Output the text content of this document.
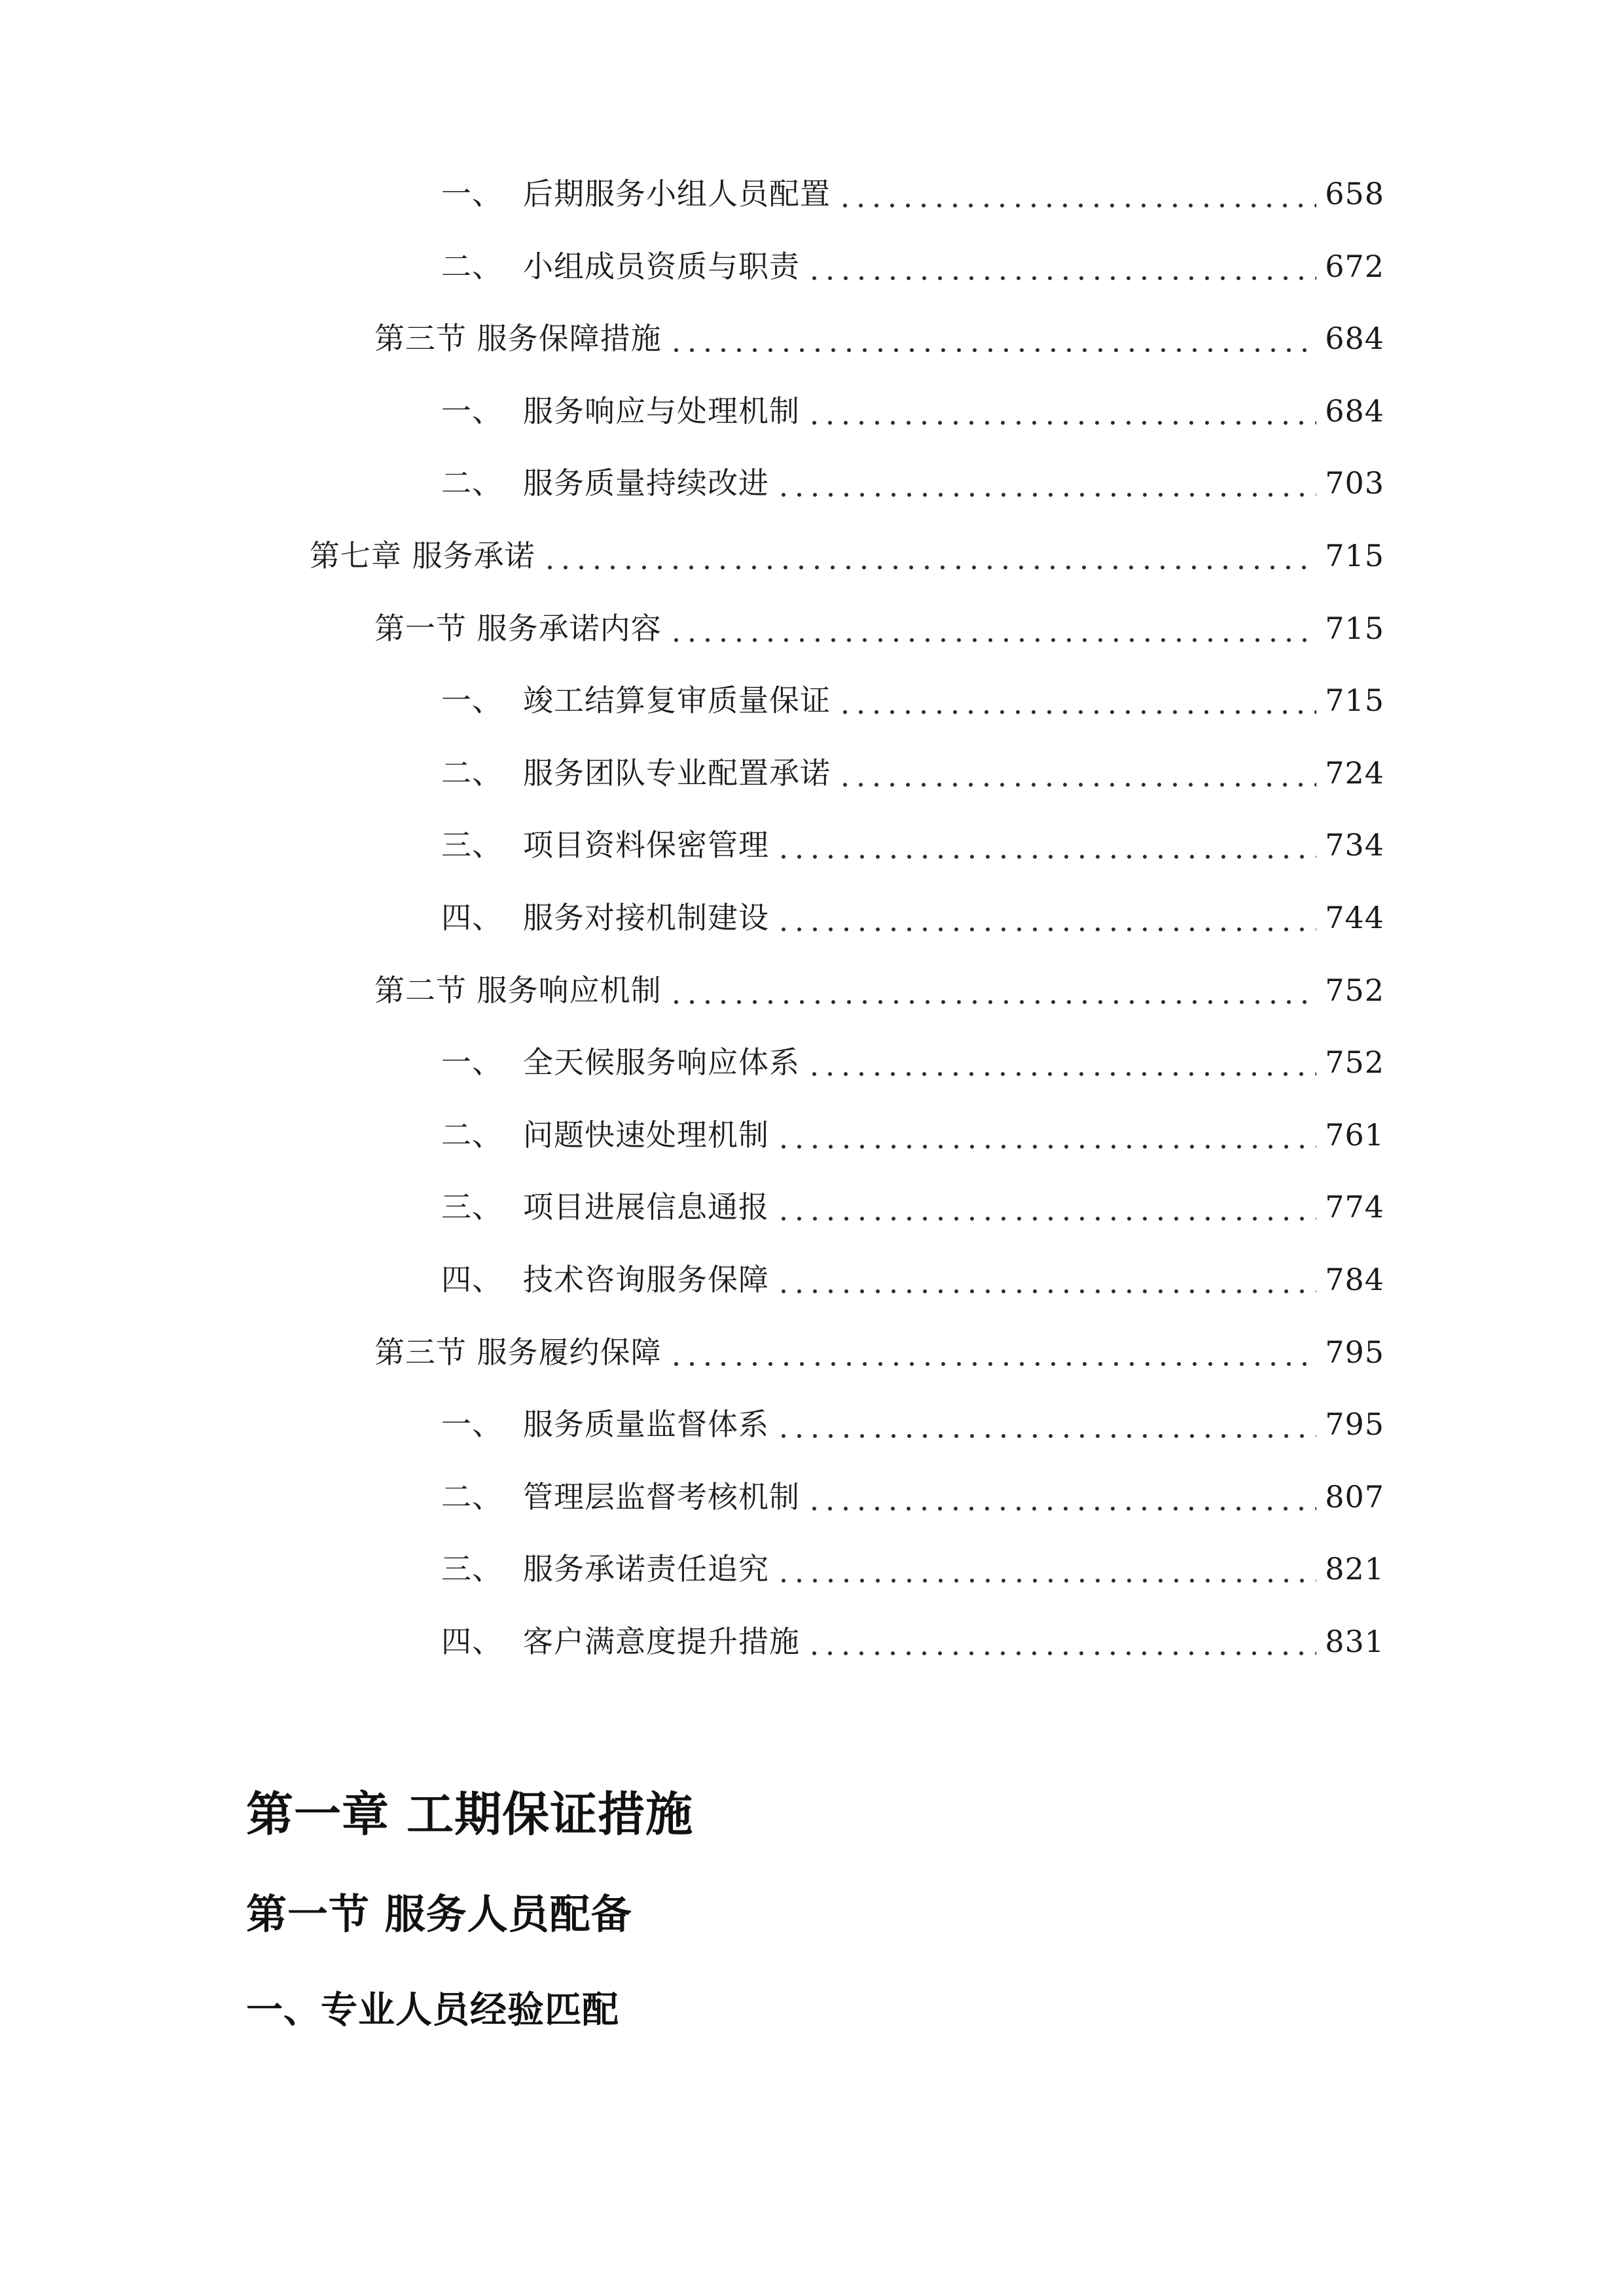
一、 后期服务小组人员配置	658
二、 小组成员资质与职责	672
第三节 服务保障措施	684
一、 服务响应与处理机制	684
二、 服务质量持续改进	703
第七章 服务承诺	715
第一节 服务承诺内容	715
一、 竣工结算复审质量保证	715
二、 服务团队专业配置承诺	724
三、 项目资料保密管理	734
四、 服务对接机制建设	744
第二节 服务响应机制	752
一、 全天候服务响应体系	752
二、 问题快速处理机制	761
三、 项目进展信息通报	774
四、 技术咨询服务保障	784
第三节 服务履约保障	795
一、 服务质量监督体系	795
二、 管理层监督考核机制	807
三、 服务承诺责任追究	821
四、 客户满意度提升措施	831
第一章 工期保证措施
第一节 服务人员配备
一、专业人员经验匹配
